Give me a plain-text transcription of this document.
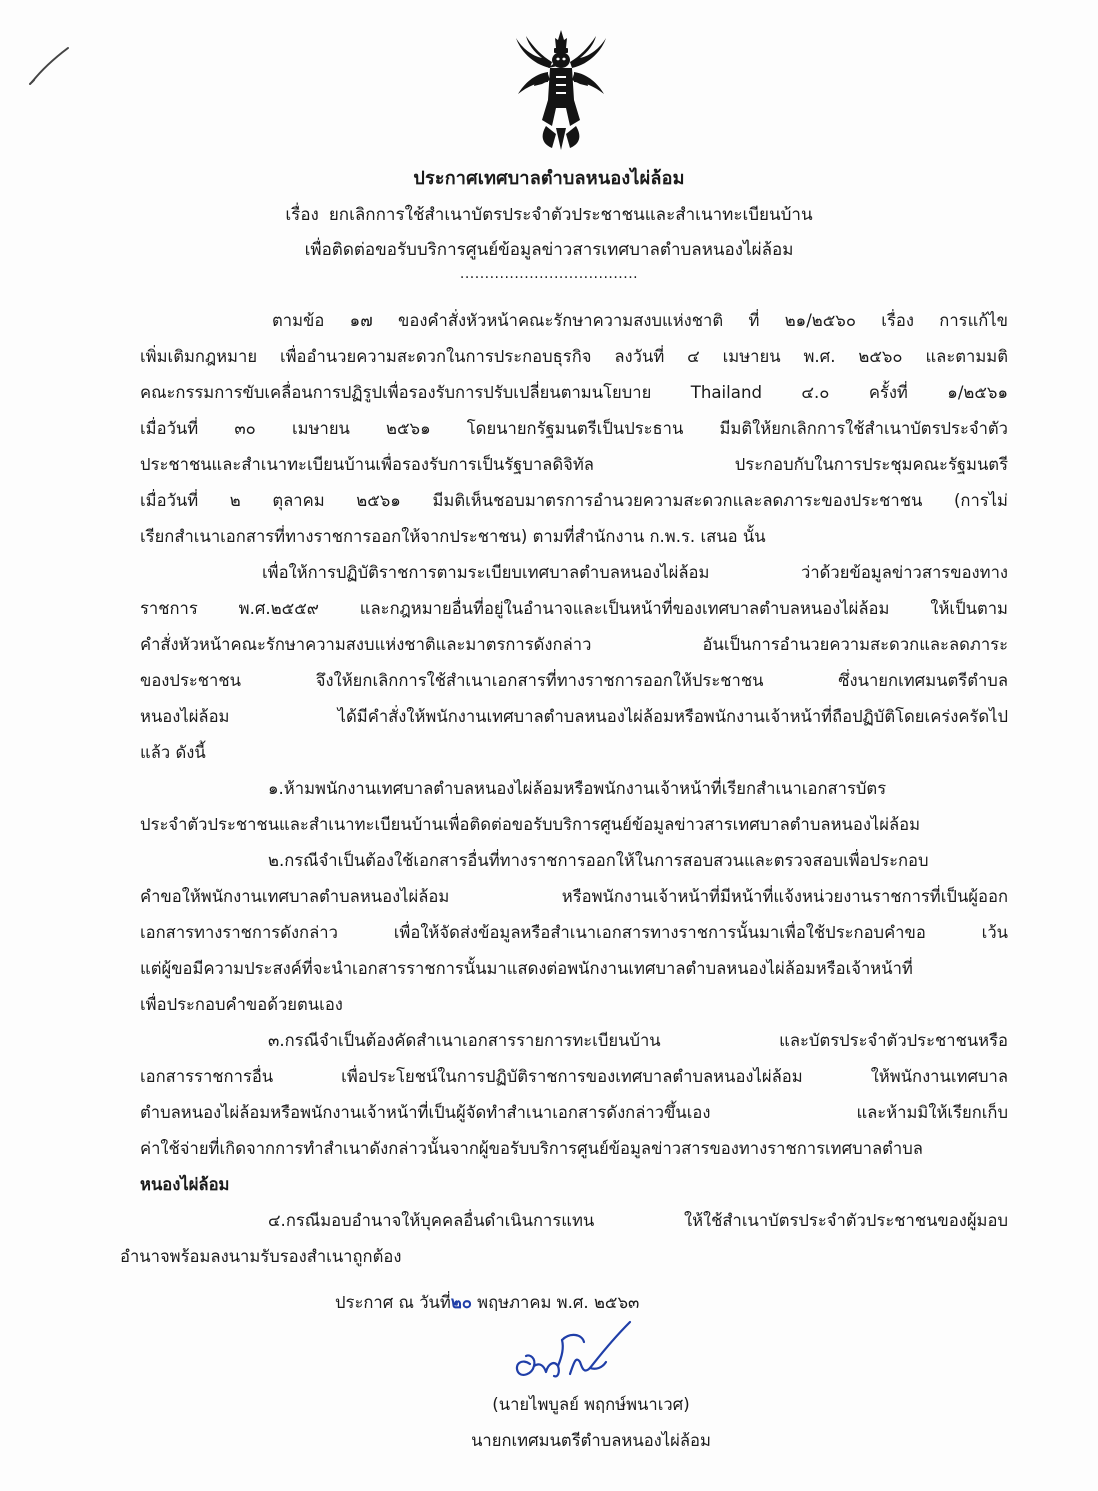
ประกาศเทศบาลตำบลหนองไผ่ล้อม
เรื่อง ยกเลิกการใช้สำเนาบัตรประจำตัวประชาชนและสำเนาทะเบียนบ้าน
เพื่อติดต่อขอรับบริการศูนย์ข้อมูลข่าวสารเทศบาลตำบลหนองไผ่ล้อม
....................................
ตามข้อ ๑๗ ของคำสั่งหัวหน้าคณะรักษาความสงบแห่งชาติ ที่ ๒๑/๒๕๖๐ เรื่อง การแก้ไข
เพิ่มเติมกฎหมาย เพื่ออำนวยความสะดวกในการประกอบธุรกิจ ลงวันที่ ๔ เมษายน พ.ศ. ๒๕๖๐ และตามมติ
คณะกรรมการขับเคลื่อนการปฏิรูปเพื่อรองรับการปรับเปลี่ยนตามนโยบาย Thailand ๔.๐ ครั้งที่ ๑/๒๕๖๑
เมื่อวันที่ ๓๐ เมษายน ๒๕๖๑ โดยนายกรัฐมนตรีเป็นประธาน มีมติให้ยกเลิกการใช้สำเนาบัตรประจำตัว
ประชาชนและสำเนาทะเบียนบ้านเพื่อรองรับการเป็นรัฐบาลดิจิทัล ประกอบกับในการประชุมคณะรัฐมนตรี
เมื่อวันที่ ๒ ตุลาคม ๒๕๖๑ มีมติเห็นชอบมาตรการอำนวยความสะดวกและลดภาระของประชาชน (การไม่
เรียกสำเนาเอกสารที่ทางราชการออกให้จากประชาชน) ตามที่สำนักงาน ก.พ.ร. เสนอ นั้น
เพื่อให้การปฏิบัติราชการตามระเบียบเทศบาลตำบลหนองไผ่ล้อม ว่าด้วยข้อมูลข่าวสารของทาง
ราชการ พ.ศ.๒๕๕๙ และกฎหมายอื่นที่อยู่ในอำนาจและเป็นหน้าที่ของเทศบาลตำบลหนองไผ่ล้อม ให้เป็นตาม
คำสั่งหัวหน้าคณะรักษาความสงบแห่งชาติและมาตรการดังกล่าว อันเป็นการอำนวยความสะดวกและลดภาระ
ของประชาชน จึงให้ยกเลิกการใช้สำเนาเอกสารที่ทางราชการออกให้ประชาชน ซึ่งนายกเทศมนตรีตำบล
หนองไผ่ล้อม ได้มีคำสั่งให้พนักงานเทศบาลตำบลหนองไผ่ล้อมหรือพนักงานเจ้าหน้าที่ถือปฏิบัติโดยเคร่งครัดไป
แล้ว ดังนี้
๑.ห้ามพนักงานเทศบาลตำบลหนองไผ่ล้อมหรือพนักงานเจ้าหน้าที่เรียกสำเนาเอกสารบัตร
ประจำตัวประชาชนและสำเนาทะเบียนบ้านเพื่อติดต่อขอรับบริการศูนย์ข้อมูลข่าวสารเทศบาลตำบลหนองไผ่ล้อม
๒.กรณีจำเป็นต้องใช้เอกสารอื่นที่ทางราชการออกให้ในการสอบสวนและตรวจสอบเพื่อประกอบ
คำขอให้พนักงานเทศบาลตำบลหนองไผ่ล้อม หรือพนักงานเจ้าหน้าที่มีหน้าที่แจ้งหน่วยงานราชการที่เป็นผู้ออก
เอกสารทางราชการดังกล่าว เพื่อให้จัดส่งข้อมูลหรือสำเนาเอกสารทางราชการนั้นมาเพื่อใช้ประกอบคำขอ เว้น
แต่ผู้ขอมีความประสงค์ที่จะนำเอกสารราชการนั้นมาแสดงต่อพนักงานเทศบาลตำบลหนองไผ่ล้อมหรือเจ้าหน้าที่
เพื่อประกอบคำขอด้วยตนเอง
๓.กรณีจำเป็นต้องคัดสำเนาเอกสารรายการทะเบียนบ้าน และบัตรประจำตัวประชาชนหรือ
เอกสารราชการอื่น เพื่อประโยชน์ในการปฏิบัติราชการของเทศบาลตำบลหนองไผ่ล้อม ให้พนักงานเทศบาล
ตำบลหนองไผ่ล้อมหรือพนักงานเจ้าหน้าที่เป็นผู้จัดทำสำเนาเอกสารดังกล่าวขึ้นเอง และห้ามมิให้เรียกเก็บ
ค่าใช้จ่ายที่เกิดจากการทำสำเนาดังกล่าวนั้นจากผู้ขอรับบริการศูนย์ข้อมูลข่าวสารของทางราชการเทศบาลตำบล
หนองไผ่ล้อม
๔.กรณีมอบอำนาจให้บุคคลอื่นดำเนินการแทน ให้ใช้สำเนาบัตรประจำตัวประชาชนของผู้มอบ
อำนาจพร้อมลงนามรับรองสำเนาถูกต้อง
ประกาศ ณ วันที่๒๐ พฤษภาคม พ.ศ. ๒๕๖๓
(นายไพบูลย์ พฤกษ์พนาเวศ)
นายกเทศมนตรีตำบลหนองไผ่ล้อม
